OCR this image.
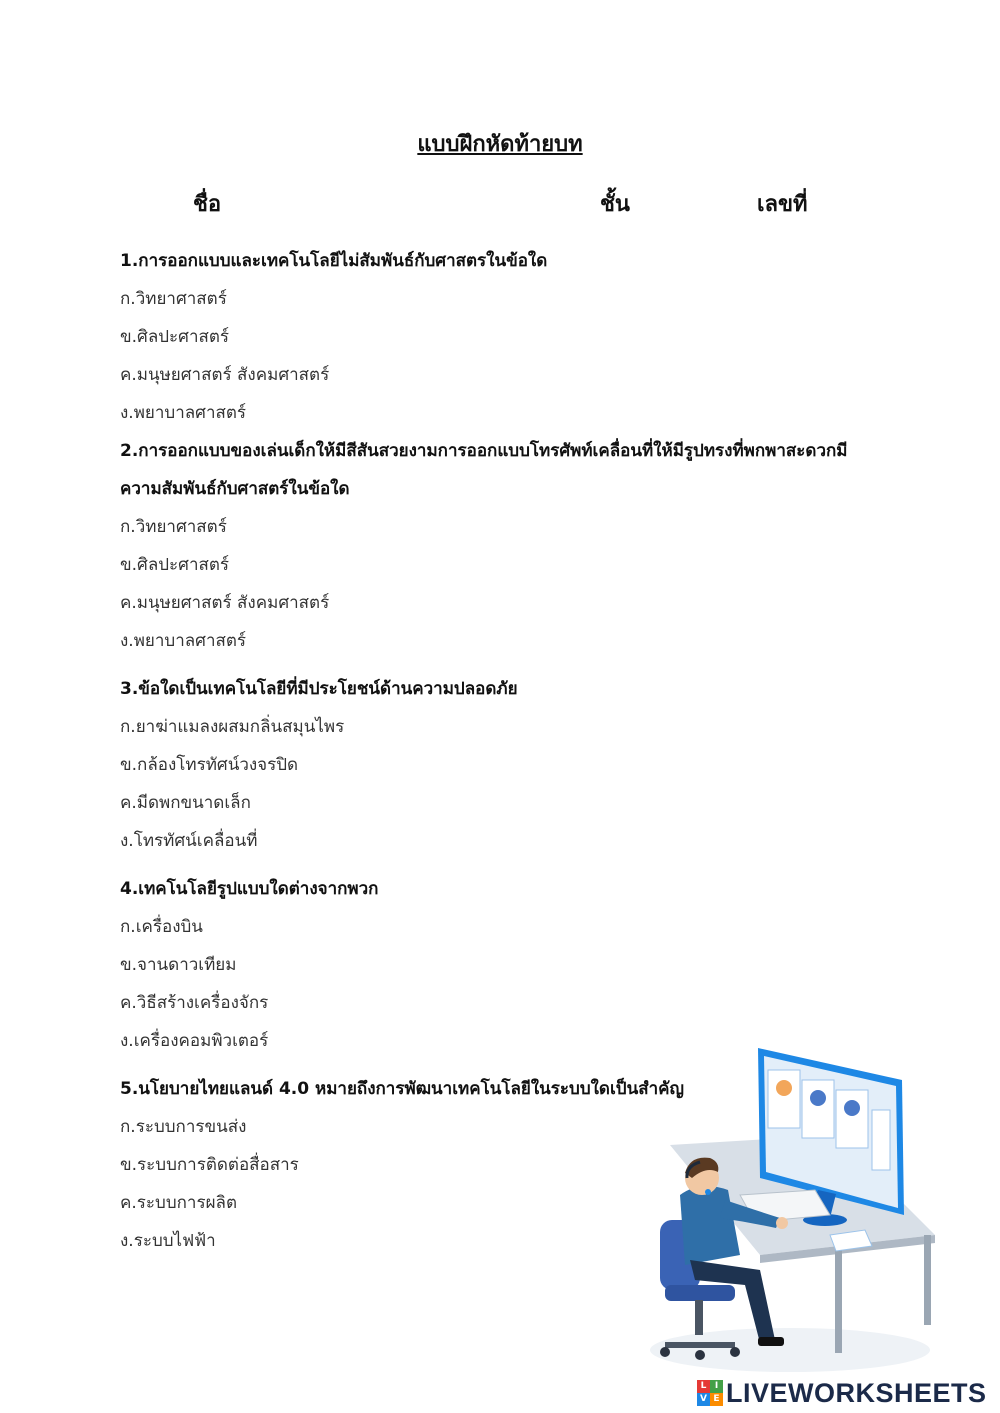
แบบฝึกหัดท้ายบท
ชื่อ	ชั้น	เลขที่
1.การออกแบบและเทคโนโลยีไม่สัมพันธ์กับศาสตรในข้อใด
ก.วิทยาศาสตร์
ข.ศิลปะศาสตร์
ค.มนุษยศาสตร์ สังคมศาสตร์
ง.พยาบาลศาสตร์
2.การออกแบบของเล่นเด็กให้มีสีสันสวยงามการออกแบบโทรศัพท์เคลื่อนที่ให้มีรูปทรงที่พกพาสะดวกมี
ความสัมพันธ์กับศาสตร์ในข้อใด
ก.วิทยาศาสตร์
ข.ศิลปะศาสตร์
ค.มนุษยศาสตร์ สังคมศาสตร์
ง.พยาบาลศาสตร์
3.ข้อใดเป็นเทคโนโลยีที่มีประโยชน์ด้านความปลอดภัย
ก.ยาฆ่าแมลงผสมกลิ่นสมุนไพร
ข.กล้องโทรทัศน์วงจรปิด
ค.มีดพกขนาดเล็ก
ง.โทรทัศน์เคลื่อนที่
4.เทคโนโลยีรูปแบบใดต่างจากพวก
ก.เครื่องบิน
ข.จานดาวเทียม
ค.วิธีสร้างเครื่องจักร
ง.เครื่องคอมพิวเตอร์
5.นโยบายไทยแลนด์ 4.0 หมายถึงการพัฒนาเทคโนโลยีในระบบใดเป็นสำคัญ
ก.ระบบการขนส่ง
ข.ระบบการติดต่อสื่อสาร
ค.ระบบการผลิต
ง.ระบบไฟฟ้า
L I
V E LIVEWORKSHEETS
